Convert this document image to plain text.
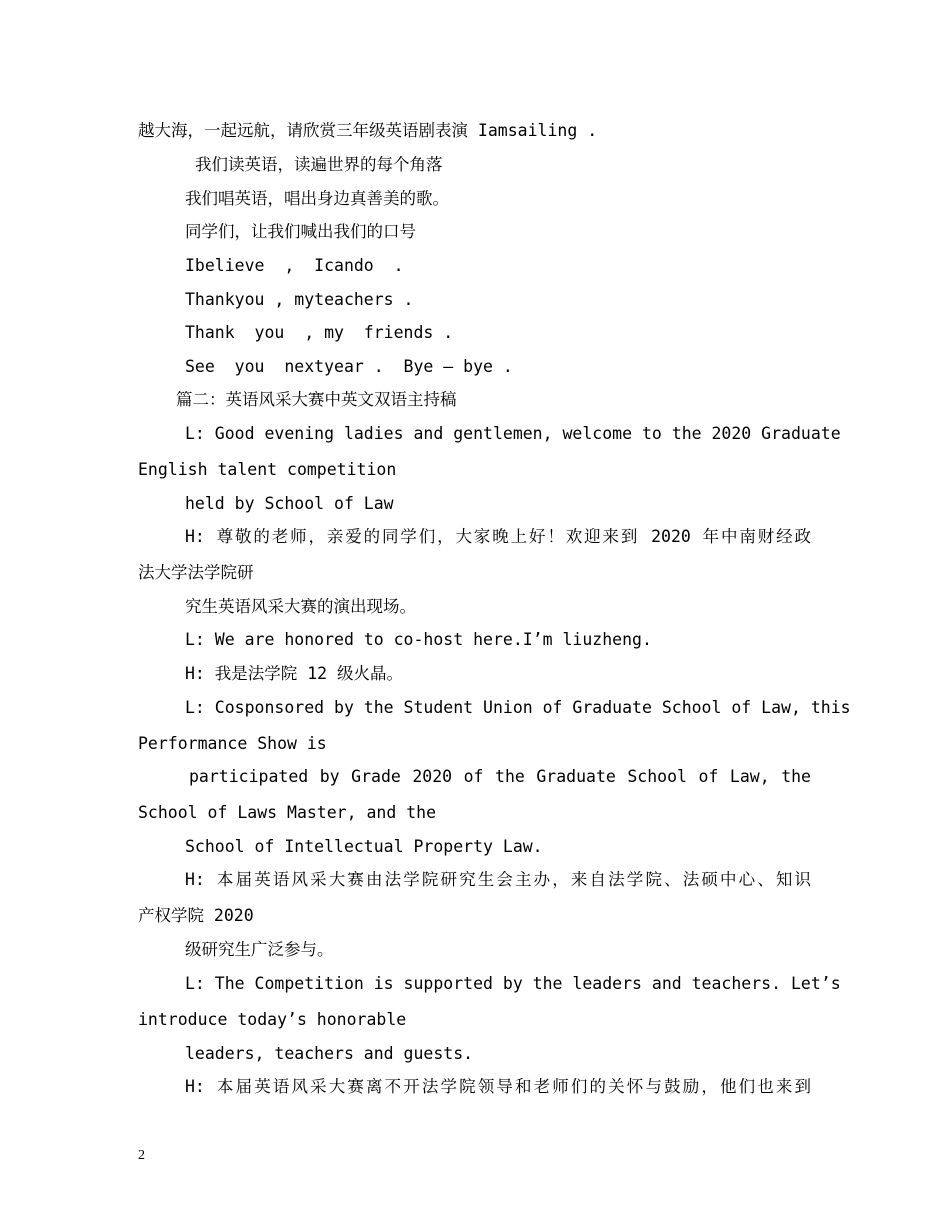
越大海，一起远航，请欣赏三年级英语剧表演 Iamsailing .
我们读英语，读遍世界的每个角落
我们唱英语，唱出身边真善美的歌。
同学们，让我们喊出我们的口号
Ibelieve  ,  Icando  .
Thankyou , myteachers .
Thank  you  , my  friends .
See  you  nextyear .  Bye – bye .
篇二：英语风采大赛中英文双语主持稿
L: Good evening ladies and gentlemen, welcome to the 2020 Graduate
English talent competition
held by School of Law
H: 尊敬的老师，亲爱的同学们，大家晚上好！欢迎来到 2020 年中南财经政
法大学法学院研
究生英语风采大赛的演出现场。
L: We are honored to co-host here.I’m liuzheng.
H: 我是法学院 12 级火晶。
L: Cosponsored by the Student Union of Graduate School of Law, this
Performance Show is
participated by Grade 2020 of the Graduate School of Law, the
School of Laws Master, and the
School of Intellectual Property Law.
H: 本届英语风采大赛由法学院研究生会主办，来自法学院、法硕中心、知识
产权学院 2020
级研究生广泛参与。
L: The Competition is supported by the leaders and teachers. Let’s
introduce today’s honorable
leaders, teachers and guests.
H: 本届英语风采大赛离不开法学院领导和老师们的关怀与鼓励，他们也来到
2
